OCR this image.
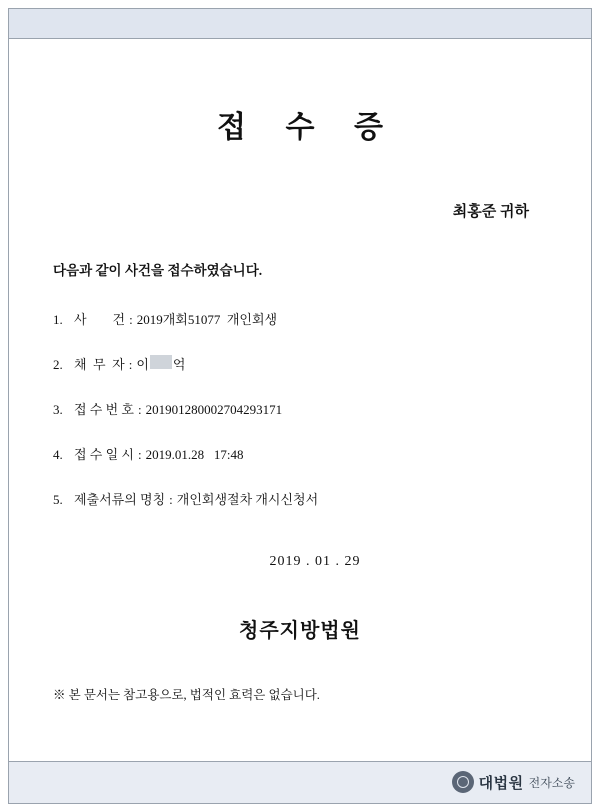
접 수 증
최홍준 귀하
다음과 같이 사건을 접수하였습니다.
1.
사        건 : 2019개회51077  개인회생
2.
채  무  자 : 이 억
3.
접 수 번 호 : 201901280002704293171
4.
접 수 일 시 : 2019.01.28   17:48
5.
제출서류의 명칭 : 개인회생절차 개시신청서
2019 . 01 . 29
청주지방법원
※ 본 문서는 참고용으로, 법적인 효력은 없습니다.
대법원 전자소송
